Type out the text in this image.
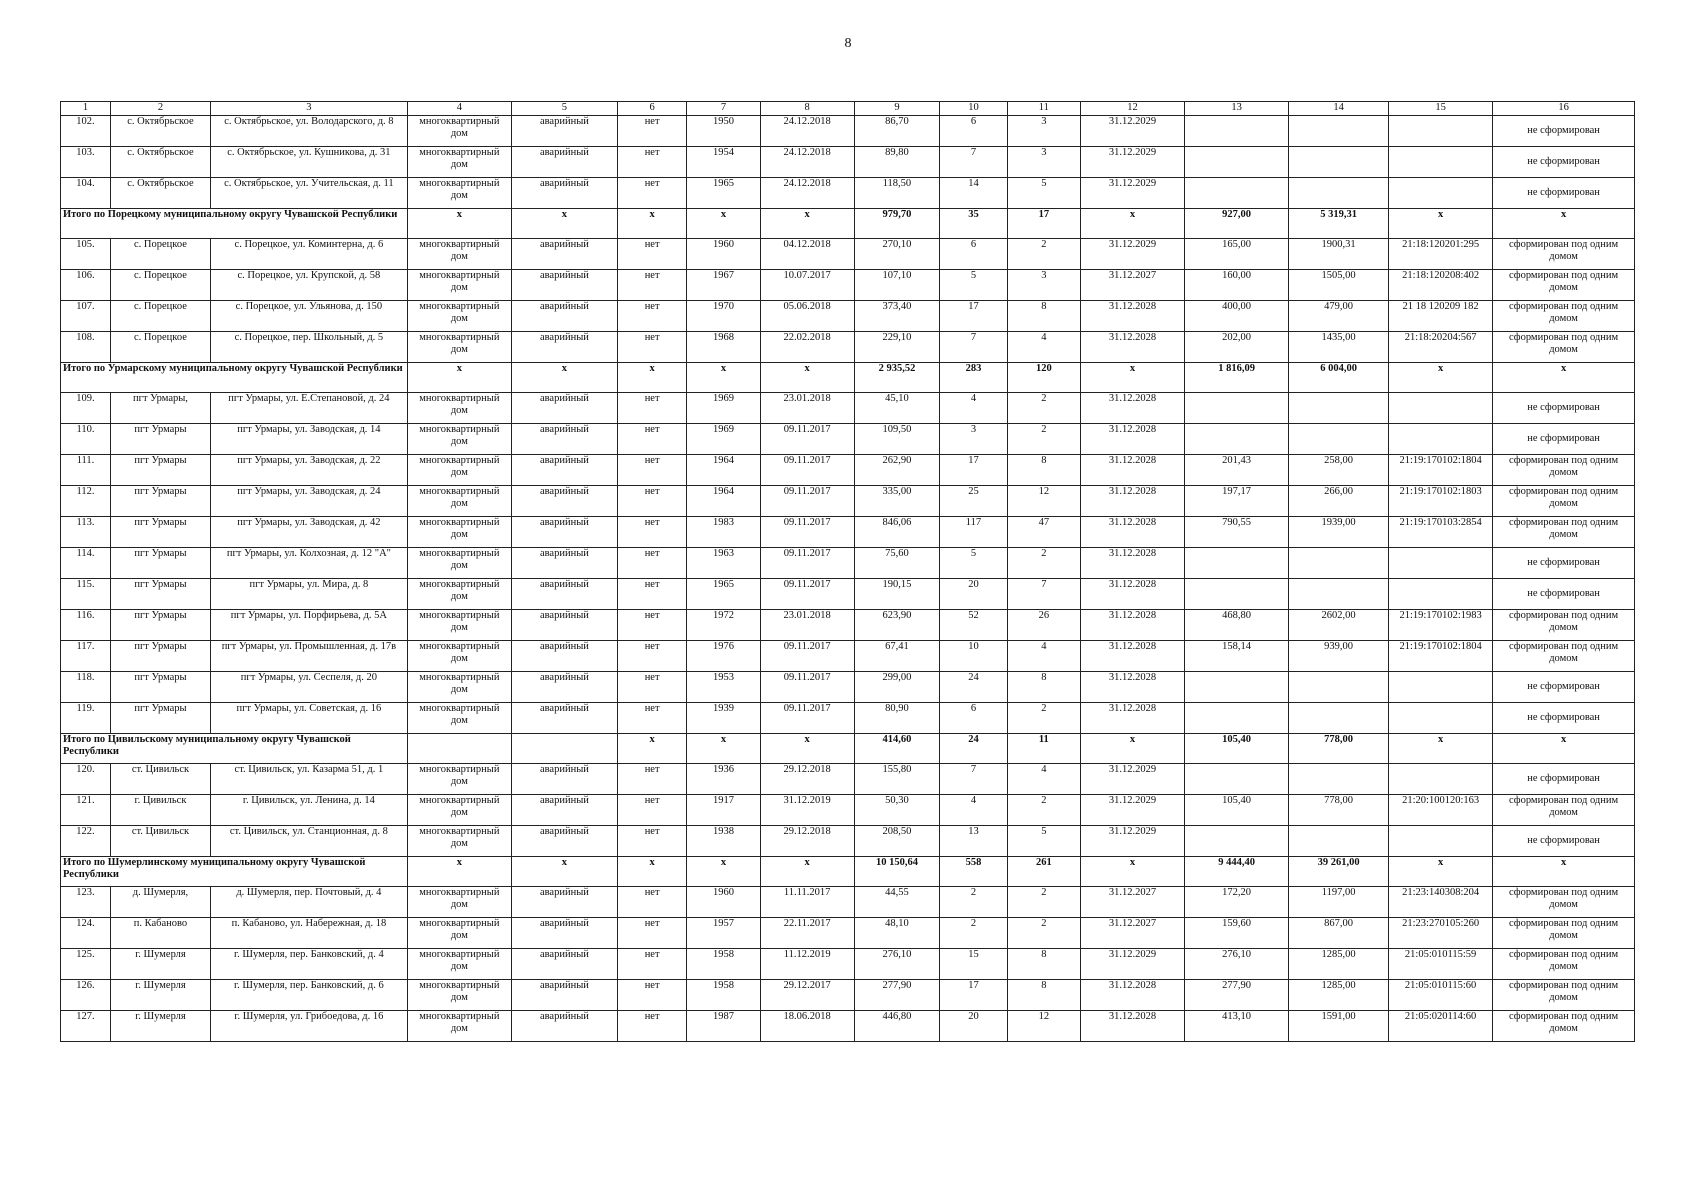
8
1	2	3	4	5	6	7	8	9	10	11	12	13	14	15	16
102.	с. Октябрьское	с. Октябрьское, ул. Володарского, д. 8	многоквартирный дом	аварийный	нет	1950	24.12.2018	86,70	6	3	31.12.2029				не сформирован
103.	с. Октябрьское	с. Октябрьское, ул. Кушникова, д. 31	многоквартирный дом	аварийный	нет	1954	24.12.2018	89,80	7	3	31.12.2029				не сформирован
104.	с. Октябрьское	с. Октябрьское, ул. Учительская, д. 11	многоквартирный дом	аварийный	нет	1965	24.12.2018	118,50	14	5	31.12.2029				не сформирован
Итого по Порецкому муниципальному округу Чувашской Республики			x	x	x	x	x	979,70	35	17	x	927,00	5 319,31	x	x
105.	с. Порецкое	с. Порецкое, ул. Коминтерна, д. 6	многоквартирный дом	аварийный	нет	1960	04.12.2018	270,10	6	2	31.12.2029	165,00	1900,31	21:18:120201:295	сформирован под одним домом
106.	с. Порецкое	с. Порецкое, ул. Крупской, д. 58	многоквартирный дом	аварийный	нет	1967	10.07.2017	107,10	5	3	31.12.2027	160,00	1505,00	21:18:120208:402	сформирован под одним домом
107.	с. Порецкое	с. Порецкое, ул. Ульянова, д. 150	многоквартирный дом	аварийный	нет	1970	05.06.2018	373,40	17	8	31.12.2028	400,00	479,00	21 18 120209 182	сформирован под одним домом
108.	с. Порецкое	с. Порецкое, пер. Школьный, д. 5	многоквартирный дом	аварийный	нет	1968	22.02.2018	229,10	7	4	31.12.2028	202,00	1435,00	21:18:20204:567	сформирован под одним домом
Итого по Урмарскому муниципальному округу Чувашской Республики			x	x	x	x	x	2 935,52	283	120	x	1 816,09	6 004,00	x	x
109.	пгт Урмары,	пгт Урмары, ул. Е.Степановой, д. 24	многоквартирный дом	аварийный	нет	1969	23.01.2018	45,10	4	2	31.12.2028				не сформирован
110.	пгт Урмары	пгт Урмары, ул. Заводская, д. 14	многоквартирный дом	аварийный	нет	1969	09.11.2017	109,50	3	2	31.12.2028				не сформирован
111.	пгт Урмары	пгт Урмары, ул. Заводская, д. 22	многоквартирный дом	аварийный	нет	1964	09.11.2017	262,90	17	8	31.12.2028	201,43	258,00	21:19:170102:1804	сформирован под одним домом
112.	пгт Урмары	пгт Урмары, ул. Заводская, д. 24	многоквартирный дом	аварийный	нет	1964	09.11.2017	335,00	25	12	31.12.2028	197,17	266,00	21:19:170102:1803	сформирован под одним домом
113.	пгт Урмары	пгт Урмары, ул. Заводская, д. 42	многоквартирный дом	аварийный	нет	1983	09.11.2017	846,06	117	47	31.12.2028	790,55	1939,00	21:19:170103:2854	сформирован под одним домом
114.	пгт Урмары	пгт Урмары, ул. Колхозная, д. 12 "А"	многоквартирный дом	аварийный	нет	1963	09.11.2017	75,60	5	2	31.12.2028				не сформирован
115.	пгт Урмары	пгт Урмары, ул. Мира, д. 8	многоквартирный дом	аварийный	нет	1965	09.11.2017	190,15	20	7	31.12.2028				не сформирован
116.	пгт Урмары	пгт Урмары, ул. Порфирьева, д. 5А	многоквартирный дом	аварийный	нет	1972	23.01.2018	623,90	52	26	31.12.2028	468,80	2602,00	21:19:170102:1983	сформирован под одним домом
117.	пгт Урмары	пгт Урмары, ул. Промышленная, д. 17в	многоквартирный дом	аварийный	нет	1976	09.11.2017	67,41	10	4	31.12.2028	158,14	939,00	21:19:170102:1804	сформирован под одним домом
118.	пгт Урмары	пгт Урмары, ул. Сеспеля, д. 20	многоквартирный дом	аварийный	нет	1953	09.11.2017	299,00	24	8	31.12.2028				не сформирован
119.	пгт Урмары	пгт Урмары, ул. Советская, д. 16	многоквартирный дом	аварийный	нет	1939	09.11.2017	80,90	6	2	31.12.2028				не сформирован
Итого по Цивильскому муниципальному округу Чувашской Республики					x	x	x	414,60	24	11	x	105,40	778,00	x	x
120.	ст. Цивильск	ст. Цивильск, ул. Казарма 51, д. 1	многоквартирный дом	аварийный	нет	1936	29.12.2018	155,80	7	4	31.12.2029				не сформирован
121.	г. Цивильск	г. Цивильск, ул. Ленина, д. 14	многоквартирный дом	аварийный	нет	1917	31.12.2019	50,30	4	2	31.12.2029	105,40	778,00	21:20:100120:163	сформирован под одним домом
122.	ст. Цивильск	ст. Цивильск, ул. Станционная, д. 8	многоквартирный дом	аварийный	нет	1938	29.12.2018	208,50	13	5	31.12.2029				не сформирован
Итого по Шумерлинскому муниципальному округу Чувашской Республики			x	x	x	x	x	10 150,64	558	261	x	9 444,40	39 261,00	x	x
123.	д. Шумерля,	д. Шумерля, пер. Почтовый, д. 4	многоквартирный дом	аварийный	нет	1960	11.11.2017	44,55	2	2	31.12.2027	172,20	1197,00	21:23:140308:204	сформирован под одним домом
124.	п. Кабаново	п. Кабаново, ул. Набережная, д. 18	многоквартирный дом	аварийный	нет	1957	22.11.2017	48,10	2	2	31.12.2027	159,60	867,00	21:23:270105:260	сформирован под одним домом
125.	г. Шумерля	г. Шумерля, пер. Банковский, д. 4	многоквартирный дом	аварийный	нет	1958	11.12.2019	276,10	15	8	31.12.2029	276,10	1285,00	21:05:010115:59	сформирован под одним домом
126.	г. Шумерля	г. Шумерля, пер. Банковский, д. 6	многоквартирный дом	аварийный	нет	1958	29.12.2017	277,90	17	8	31.12.2028	277,90	1285,00	21:05:010115:60	сформирован под одним домом
127.	г. Шумерля	г. Шумерля, ул. Грибоедова, д. 16	многоквартирный дом	аварийный	нет	1987	18.06.2018	446,80	20	12	31.12.2028	413,10	1591,00	21:05:020114:60	сформирован под одним домом
